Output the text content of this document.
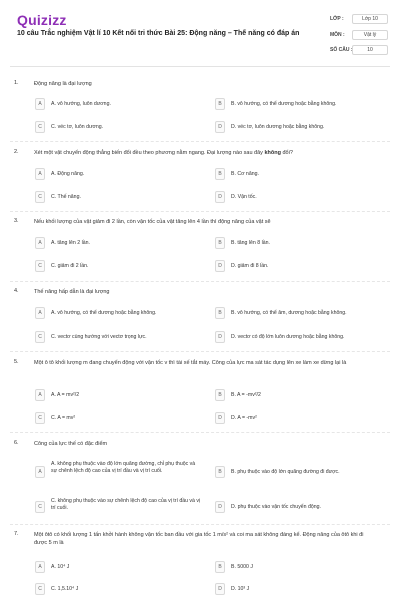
Quizizz
10 câu Trắc nghiệm Vật lí 10 Kết nối tri thức Bài 25: Động năng – Thế năng có đáp án
LỚP :	Lớp 10
MÔN :	Vật lý
SỐ CÂU :	10
1.	Động năng là đại lượng
A	A. vô hướng, luôn dương.	B	B. vô hướng, có thể dương hoặc bằng không.
C	C. véc tơ, luôn dương.	D	D. véc tơ, luôn dương hoặc bằng không.
2.	Xét một vật chuyển động thẳng biến đổi đều theo phương nằm ngang. Đại lượng nào sau đây không đổi?
A	A. Động năng.	B	B. Cơ năng.
C	C. Thế năng.	D	D. Vận tốc.
3.	Nếu khối lượng của vật giảm đi 2 lần, còn vận tốc của vật tăng lên 4 lần thì động năng của vật sẽ
A	A. tăng lên 2 lần.	B	B. tăng lên 8 lần.
C	C. giảm đi 2 lần.	D	D. giảm đi 8 lần.
4.	Thế năng hấp dẫn là đại lượng
A	A. vô hướng, có thể dương hoặc bằng không.	B	B. vô hướng, có thể âm, dương hoặc bằng không.
C	C. vectơ cùng hướng với vectơ trọng lực.	D	D. vectơ có độ lớn luôn dương hoặc bằng không.
5.	Một ô tô khối lượng m đang chuyển động với vận tốc v thì tài xế tắt máy. Công của lực ma sát tác dụng lên xe làm xe dừng lại là
A	A. A = mv²/2	B	B. A = -mv²/2
C	C. A = mv²	D	D. A = -mv²
6.	Công của lực thế có đặc điểm
A
A. không phụ thuộc vào độ lớn quãng đường, chỉ phụ thuộc và sự chênh lệch độ cao của vị trí đầu và vị trí cuối.	B	B. phụ thuộc vào độ lớn quãng đường đi được.
C
C. không phụ thuộc vào sự chênh lệch độ cao của vị trí đầu và vị trí cuối.	D	D. phụ thuộc vào vận tốc chuyển động.
7.	Một ôtô có khối lượng 1 tấn khởi hành không vận tốc ban đầu với gia tốc 1 m/s² và coi ma sát không đáng kể. Động năng của ôtô khi đi được 5 m là
A	A. 10⁴ J	B	B. 5000 J
C	C. 1,5.10⁴ J	D	D. 10³ J
